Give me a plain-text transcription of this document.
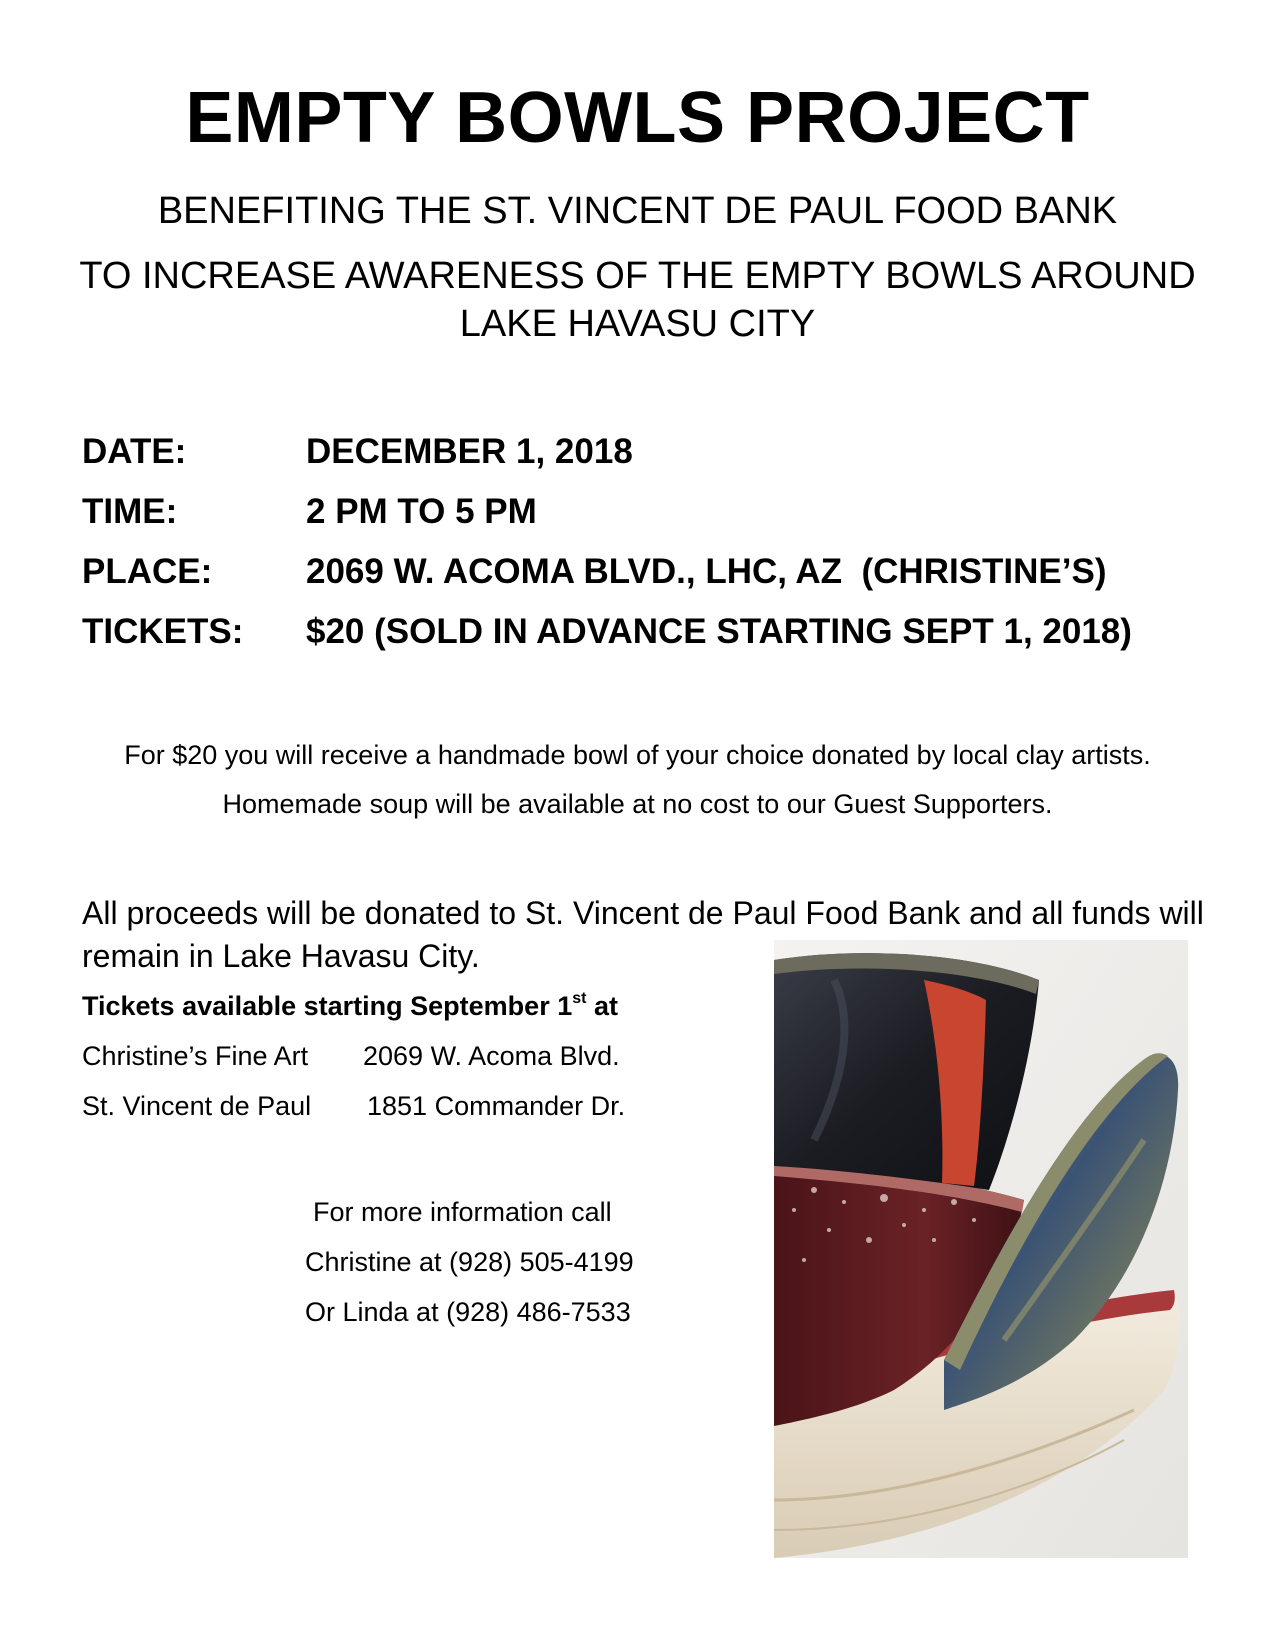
EMPTY BOWLS PROJECT
BENEFITING THE ST. VINCENT DE PAUL FOOD BANK
TO INCREASE AWARENESS OF THE EMPTY BOWLS AROUND
LAKE HAVASU CITY
DATE:	DECEMBER 1, 2018
TIME:	2 PM TO 5 PM
PLACE:	2069 W. ACOMA BLVD., LHC, AZ  (CHRISTINE’S)
TICKETS: $20 (SOLD IN ADVANCE STARTING SEPT 1, 2018)
For $20 you will receive a handmade bowl of your choice donated by local clay artists.
Homemade soup will be available at no cost to our Guest Supporters.
All proceeds will be donated to St. Vincent de Paul Food Bank and all funds will remain in Lake Havasu City.
Tickets available starting September 1st at
Christine’s Fine Art 2069 W. Acoma Blvd.
St. Vincent de Paul 1851 Commander Dr.
For more information call
Christine at (928) 505-4199
Or Linda at (928) 486-7533
